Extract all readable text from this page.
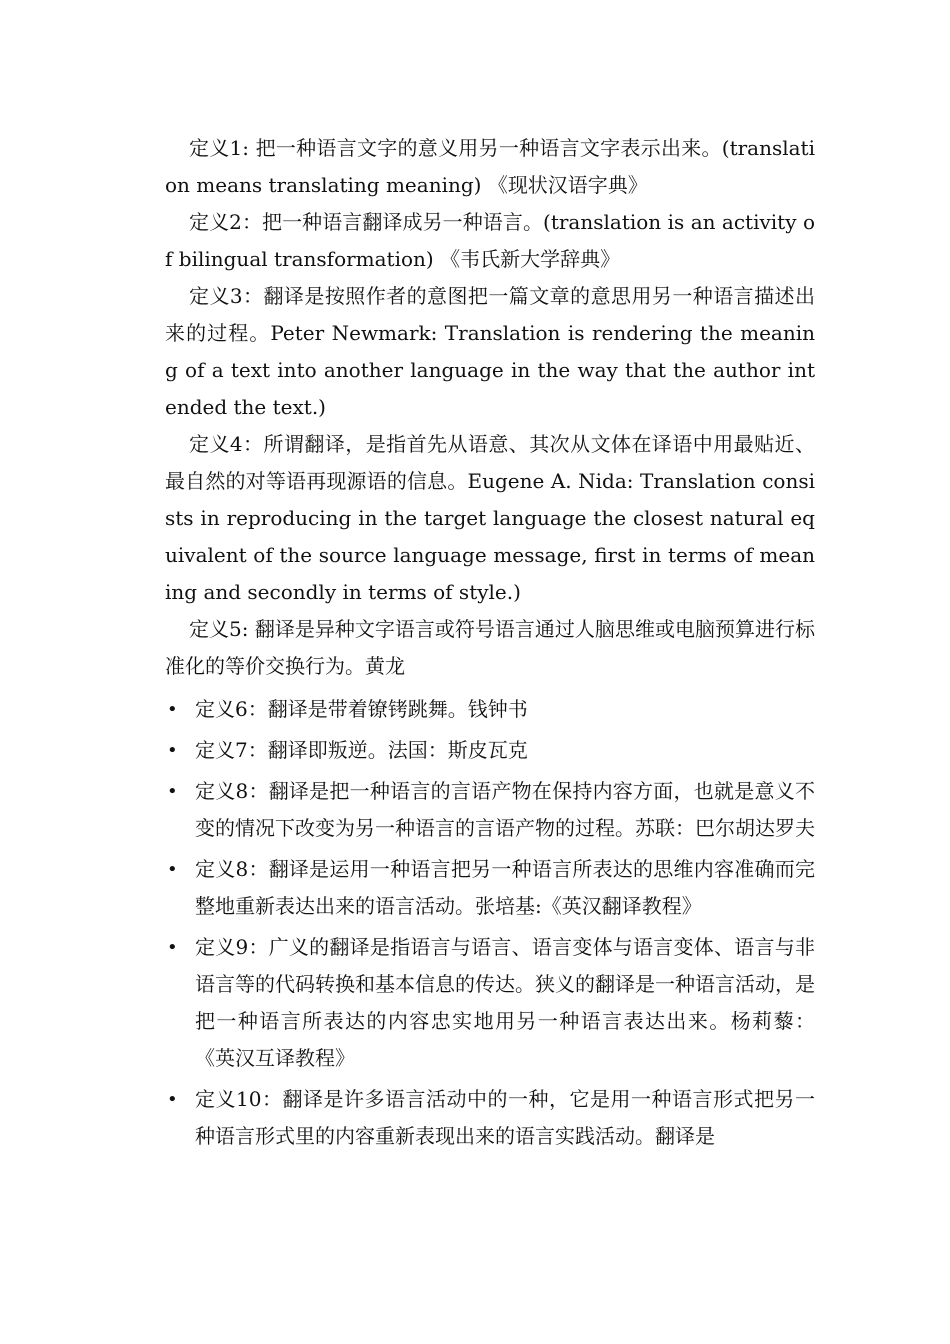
定义1: 把一种语言文字的意义用另一种语言文字表示出来。(translation means translating meaning) 《现状汉语字典》

定义2：把一种语言翻译成另一种语言。(translation is an activity of bilingual transformation) 《韦氏新大学辞典》

定义3：翻译是按照作者的意图把一篇文章的意思用另一种语言描述出来的过程。Peter Newmark: Translation is rendering the meaning of a text into another language in the way that the author intended the text.)

定义4：所谓翻译，是指首先从语意、其次从文体在译语中用最贴近、最自然的对等语再现源语的信息。Eugene A. Nida: Translation consists in reproducing in the target language the closest natural equivalent of the source language message, first in terms of meaning and secondly in terms of style.)

定义5: 翻译是异种文字语言或符号语言通过人脑思维或电脑预算进行标准化的等价交换行为。黄龙

• 定义6：翻译是带着镣铐跳舞。钱钟书
• 定义7：翻译即叛逆。法国：斯皮瓦克
• 定义8：翻译是把一种语言的言语产物在保持内容方面，也就是意义不变的情况下改变为另一种语言的言语产物的过程。苏联：巴尔胡达罗夫
• 定义8：翻译是运用一种语言把另一种语言所表达的思维内容准确而完整地重新表达出来的语言活动。张培基:《英汉翻译教程》
• 定义9：广义的翻译是指语言与语言、语言变体与语言变体、语言与非语言等的代码转换和基本信息的传达。狭义的翻译是一种语言活动，是把一种语言所表达的内容忠实地用另一种语言表达出来。杨莉藜： 《英汉互译教程》
• 定义10：翻译是许多语言活动中的一种，它是用一种语言形式把另一种语言形式里的内容重新表现出来的语言实践活动。翻译是
